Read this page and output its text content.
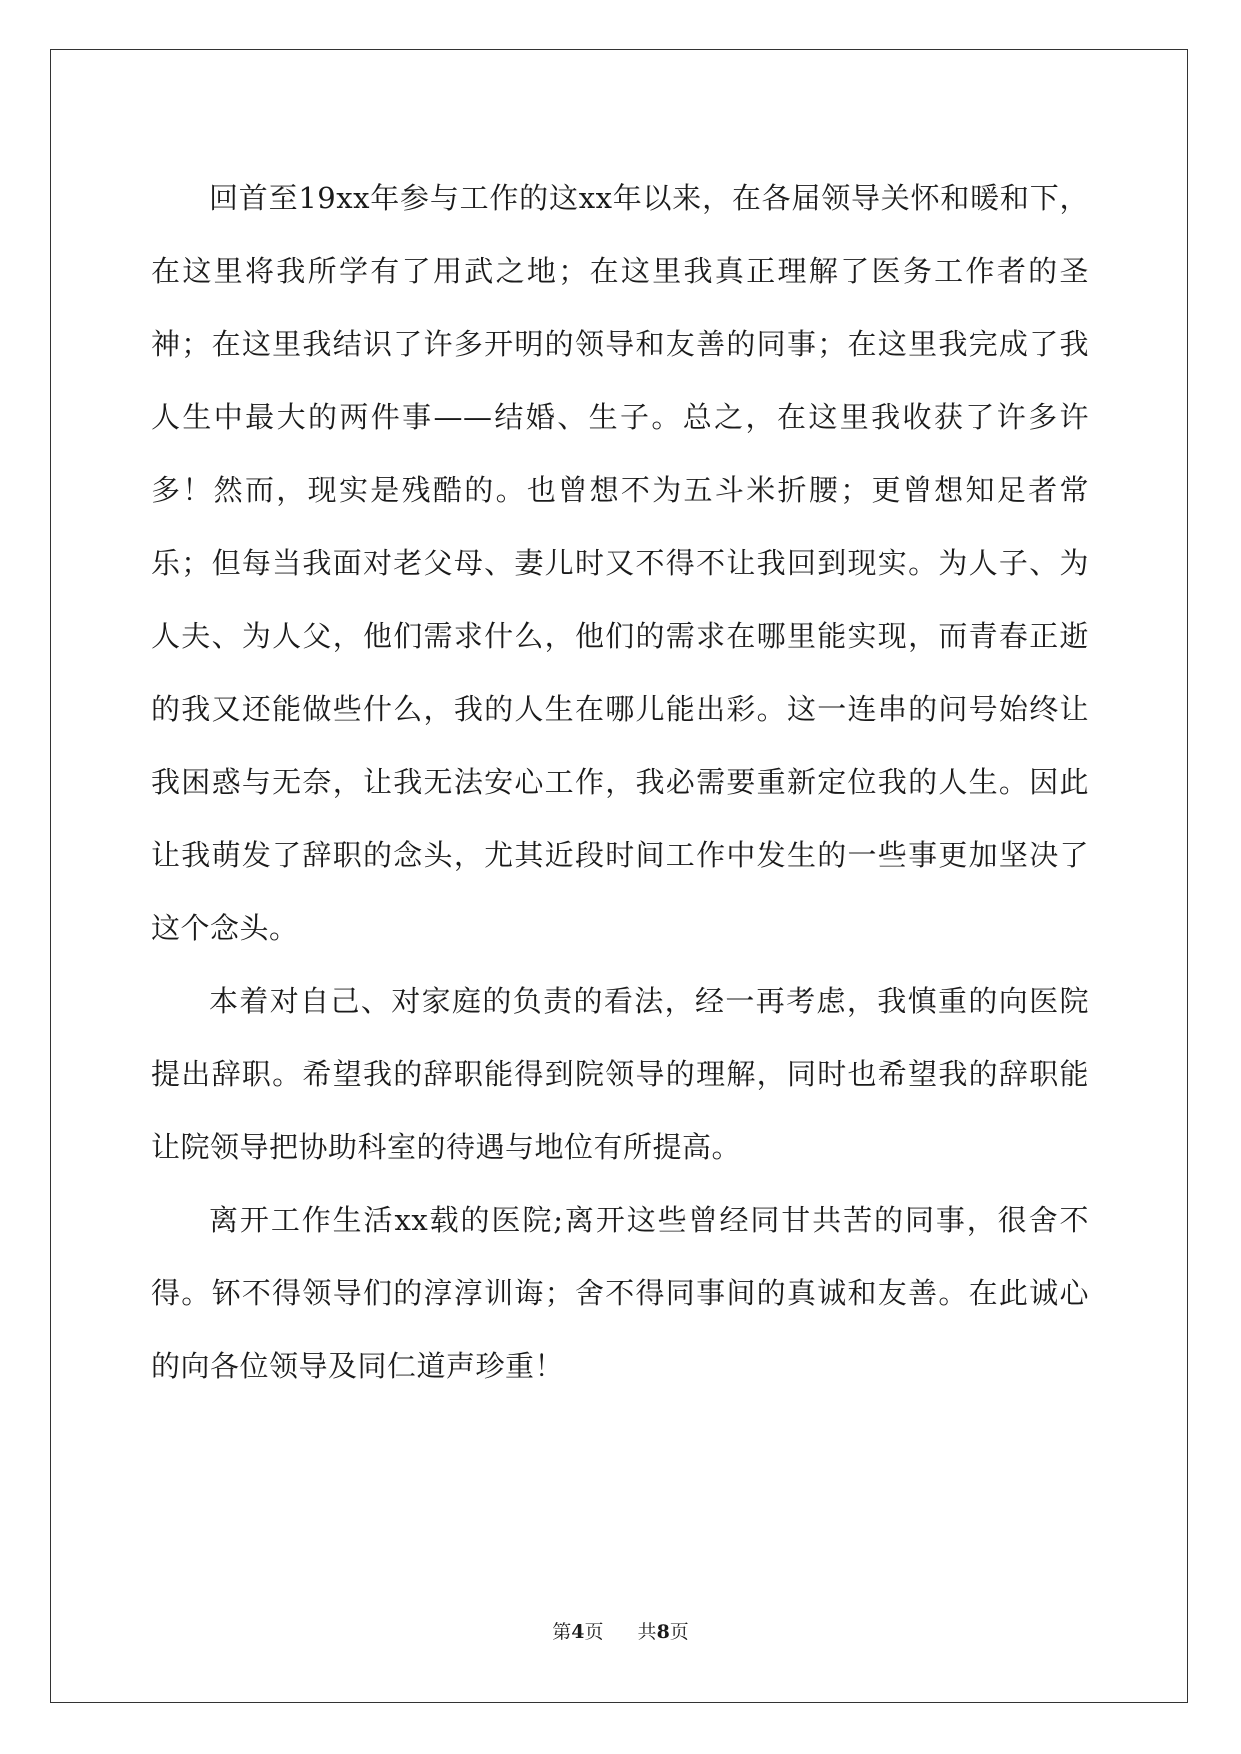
回首至19xx年参与工作的这xx年以来，在各届领导关怀和暖和下，在这里将我所学有了用武之地；在这里我真正理解了医务工作者的圣神；在这里我结识了许多开明的领导和友善的同事；在这里我完成了我人生中最大的两件事——结婚、生子。总之，在这里我收获了许多许多！然而，现实是残酷的。也曾想不为五斗米折腰；更曾想知足者常乐；但每当我面对老父母、妻儿时又不得不让我回到现实。为人子、为人夫、为人父，他们需求什么，他们的需求在哪里能实现，而青春正逝的我又还能做些什么，我的人生在哪儿能出彩。这一连串的问号始终让我困惑与无奈，让我无法安心工作，我必需要重新定位我的人生。因此让我萌发了辞职的念头，尤其近段时间工作中发生的一些事更加坚决了这个念头。

本着对自己、对家庭的负责的看法，经一再考虑，我慎重的向医院提出辞职。希望我的辞职能得到院领导的理解，同时也希望我的辞职能让院领导把协助科室的待遇与地位有所提高。

离开工作生活xx载的医院;离开这些曾经同甘共苦的同事，很舍不得。钚不得领导们的淳淳训诲；舍不得同事间的真诚和友善。在此诚心的向各位领导及同仁道声珍重！

第4页 共8页
